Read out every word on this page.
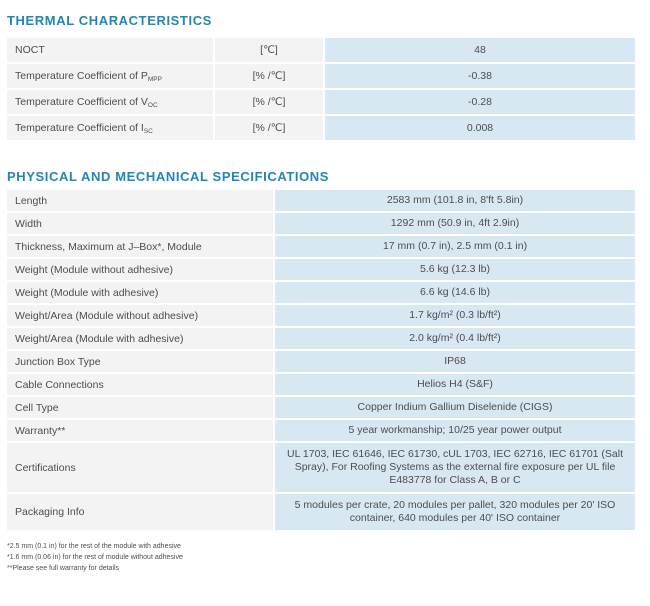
THERMAL CHARACTERISTICS
NOCT	[℃]	48
Temperature Coefficient of $P_{MPP}$	[% /℃]	-0.38
Temperature Coefficient of $V_{OC}$	[% /℃]	-0.28
Temperature Coefficient of $I_{SC}$	[% /℃]	0.008
PHYSICAL AND MECHANICAL SPECIFICATIONS
Length	2583 mm (101.8 in, 8'ft 5.8in)
Width	1292 mm (50.9 in, 4ft 2.9in)
Thickness, Maximum at J–Box*, Module	17 mm (0.7 in), 2.5 mm (0.1 in)
Weight (Module without adhesive)	5.6 kg (12.3 lb)
Weight (Module with adhesive)	6.6 kg (14.6 lb)
Weight/Area (Module without adhesive)	1.7 kg/m² (0.3 lb/ft²)
Weight/Area (Module with adhesive)	2.0 kg/m² (0.4 lb/ft²)
Junction Box Type	IP68
Cable Connections	Helios H4 (S&F)
Cell Type	Copper Indium Gallium Diselenide (CIGS)
Warranty**	5 year workmanship; 10/25 year power output
Certifications	UL 1703, IEC 61646, IEC 61730, cUL 1703, IEC 62716, IEC 61701 (Salt Spray), For Roofing Systems as the external fire exposure per UL file E483778 for Class A, B or C
Packaging Info	5 modules per crate, 20 modules per pallet, 320 modules per 20' ISO container, 640 modules per 40' ISO container
*2.5 mm (0.1 in) for the rest of the module with adhesive
*1.6 mm (0.06 in) for the rest of module without adhesive
**Please see full warranty for details
